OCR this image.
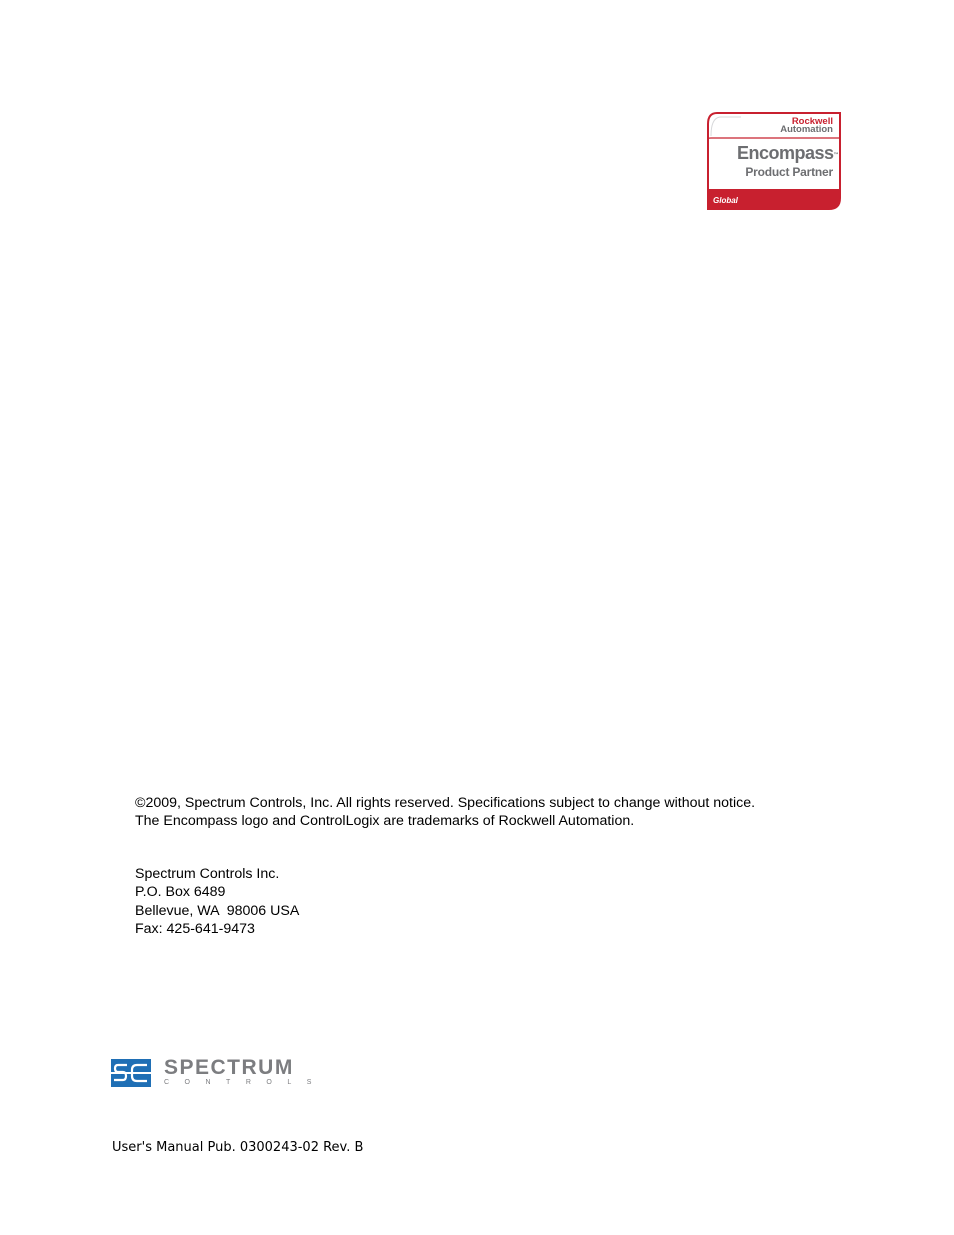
Rockwell
Automation
Encompass™
Product Partner
Global
©2009, Spectrum Controls, Inc. All rights reserved. Specifications subject to change without notice.
The Encompass logo and ControlLogix are trademarks of Rockwell Automation.
Spectrum Controls Inc.
P.O. Box 6489
Bellevue, WA  98006 USA
Fax: 425-641-9473
SPECTRUM
CONTROLS
User's Manual Pub. 0300243-02 Rev. B
